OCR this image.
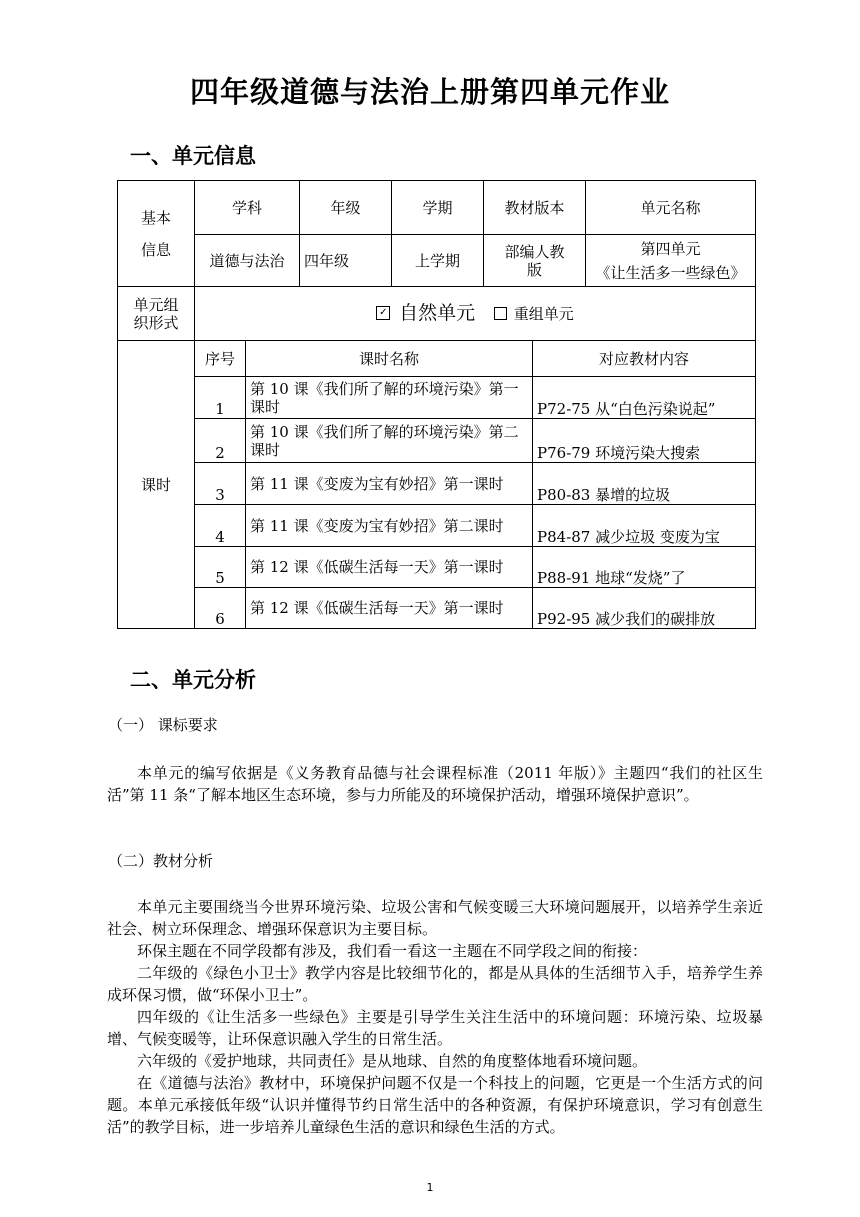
四年级道德与法治上册第四单元作业
一、单元信息
基本
信息	学科		年级	学期	教材版本		单元名称
	道德与法治		四年级	上学期	部编人教版		第四单元
《让生活多一些绿色》

单元组
织形式	✓ 自然单元 重组单元						
课时	序号	课时名称				对应教材内容	
	1	第 10 课《我们所了解的环境污染》第一课时				P72-75 从“白色污染说起”	
	2	第 10 课《我们所了解的环境污染》第二课时				P76-79 环境污染大搜索	
	3	第 11 课《变废为宝有妙招》第一课时				P80-83 暴增的垃圾	
	4	第 11 课《变废为宝有妙招》第二课时				P84-87 减少垃圾 变废为宝	
	5	第 12 课《低碳生活每一天》第一课时				P88-91 地球“发烧”了	
	6	第 12 课《低碳生活每一天》第一课时				P92-95 减少我们的碳排放	
二、单元分析
（一） 课标要求

本单元的编写依据是《义务教育品德与社会课程标准（2011 年版）》主题四“我们的社区生活”第 11 条“了解本地区生态环境，参与力所能及的环境保护活动，增强环境保护意识”。

（二）教材分析

本单元主要围绕当今世界环境污染、垃圾公害和气候变暖三大环境问题展开，以培养学生亲近社会、树立环保理念、增强环保意识为主要目标。

环保主题在不同学段都有涉及，我们看一看这一主题在不同学段之间的衔接：

二年级的《绿色小卫士》教学内容是比较细节化的，都是从具体的生活细节入手，培养学生养成环保习惯，做“环保小卫士”。

四年级的《让生活多一些绿色》主要是引导学生关注生活中的环境问题：环境污染、垃圾暴增、气候变暖等，让环保意识融入学生的日常生活。

六年级的《爱护地球，共同责任》是从地球、自然的角度整体地看环境问题。

在《道德与法治》教材中，环境保护问题不仅是一个科技上的问题，它更是一个生活方式的问题。本单元承接低年级“认识并懂得节约日常生活中的各种资源，有保护环境意识，学习有创意生活”的教学目标，进一步培养儿童绿色生活的意识和绿色生活的方式。

1
